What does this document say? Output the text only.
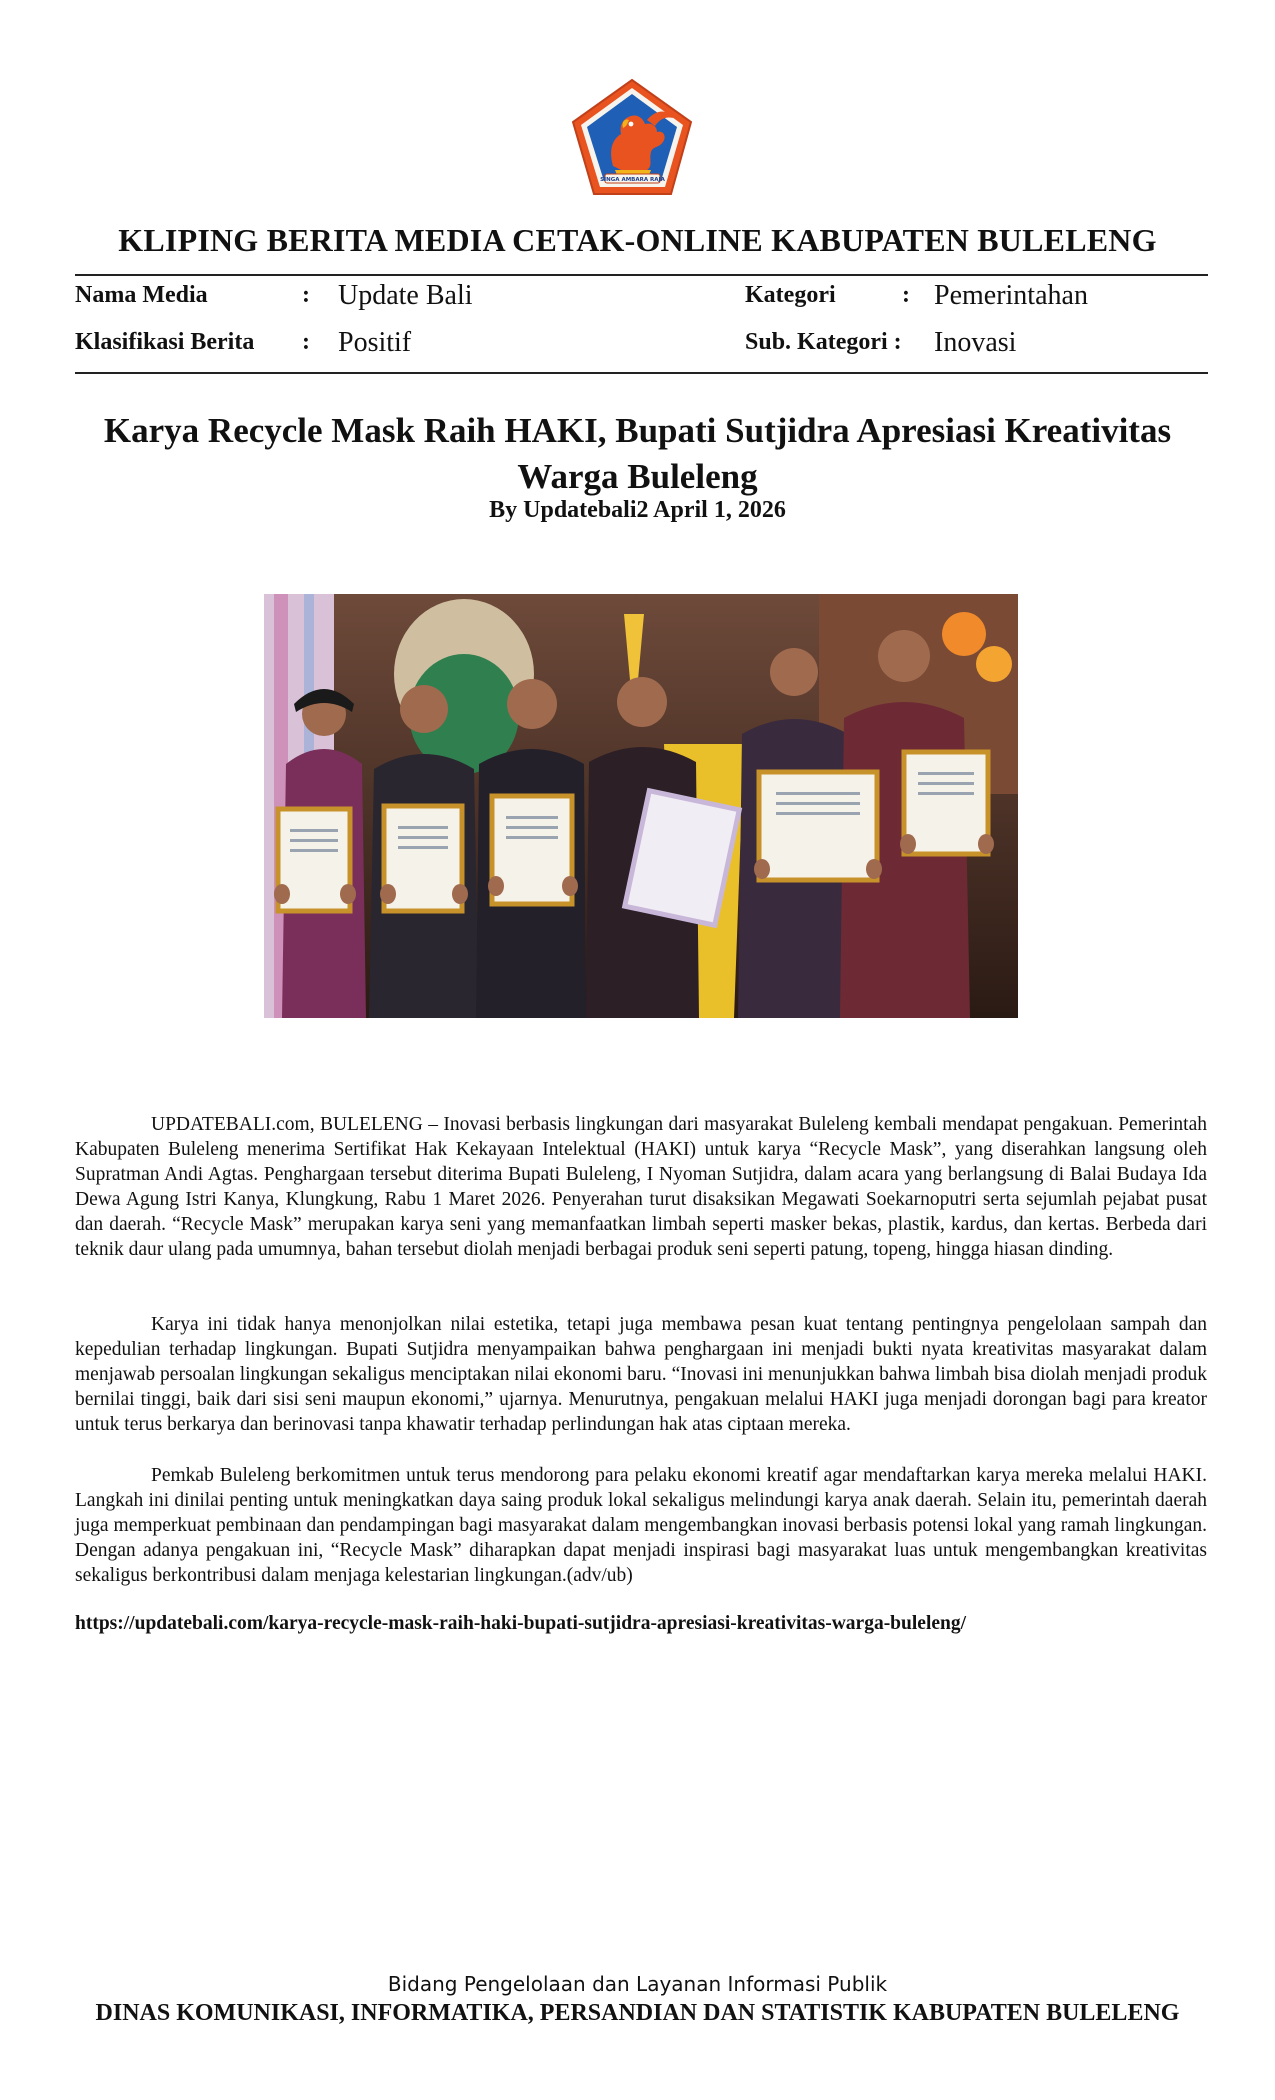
SINGA AMBARA RAJA
KLIPING BERITA MEDIA CETAK-ONLINE KABUPATEN BULELENG
Nama Media	: Update Bali	Kategori	: Pemerintahan
Klasifikasi Berita : Positif	Sub. Kategori : Inovasi
Karya Recycle Mask Raih HAKI, Bupati Sutjidra Apresiasi Kreativitas Warga Buleleng
By Updatebali2 April 1, 2026

UPDATEBALI.com, BULELENG – Inovasi berbasis lingkungan dari masyarakat Buleleng kembali mendapat pengakuan. Pemerintah Kabupaten Buleleng menerima Sertifikat Hak Kekayaan Intelektual (HAKI) untuk karya “Recycle Mask”, yang diserahkan langsung oleh Supratman Andi Agtas. Penghargaan tersebut diterima Bupati Buleleng, I Nyoman Sutjidra, dalam acara yang berlangsung di Balai Budaya Ida Dewa Agung Istri Kanya, Klungkung, Rabu 1 Maret 2026. Penyerahan turut disaksikan Megawati Soekarnoputri serta sejumlah pejabat pusat dan daerah. “Recycle Mask” merupakan karya seni yang memanfaatkan limbah seperti masker bekas, plastik, kardus, dan kertas. Berbeda dari teknik daur ulang pada umumnya, bahan tersebut diolah menjadi berbagai produk seni seperti patung, topeng, hingga hiasan dinding.

Karya ini tidak hanya menonjolkan nilai estetika, tetapi juga membawa pesan kuat tentang pentingnya pengelolaan sampah dan kepedulian terhadap lingkungan. Bupati Sutjidra menyampaikan bahwa penghargaan ini menjadi bukti nyata kreativitas masyarakat dalam menjawab persoalan lingkungan sekaligus menciptakan nilai ekonomi baru. “Inovasi ini menunjukkan bahwa limbah bisa diolah menjadi produk bernilai tinggi, baik dari sisi seni maupun ekonomi,” ujarnya. Menurutnya, pengakuan melalui HAKI juga menjadi dorongan bagi para kreator untuk terus berkarya dan berinovasi tanpa khawatir terhadap perlindungan hak atas ciptaan mereka.

Pemkab Buleleng berkomitmen untuk terus mendorong para pelaku ekonomi kreatif agar mendaftarkan karya mereka melalui HAKI. Langkah ini dinilai penting untuk meningkatkan daya saing produk lokal sekaligus melindungi karya anak daerah. Selain itu, pemerintah daerah juga memperkuat pembinaan dan pendampingan bagi masyarakat dalam mengembangkan inovasi berbasis potensi lokal yang ramah lingkungan. Dengan adanya pengakuan ini, “Recycle Mask” diharapkan dapat menjadi inspirasi bagi masyarakat luas untuk mengembangkan kreativitas sekaligus berkontribusi dalam menjaga kelestarian lingkungan.(adv/ub)

https://updatebali.com/karya-recycle-mask-raih-haki-bupati-sutjidra-apresiasi-kreativitas-warga-buleleng/
Bidang Pengelolaan dan Layanan Informasi Publik
DINAS KOMUNIKASI, INFORMATIKA, PERSANDIAN DAN STATISTIK KABUPATEN BULELENG
